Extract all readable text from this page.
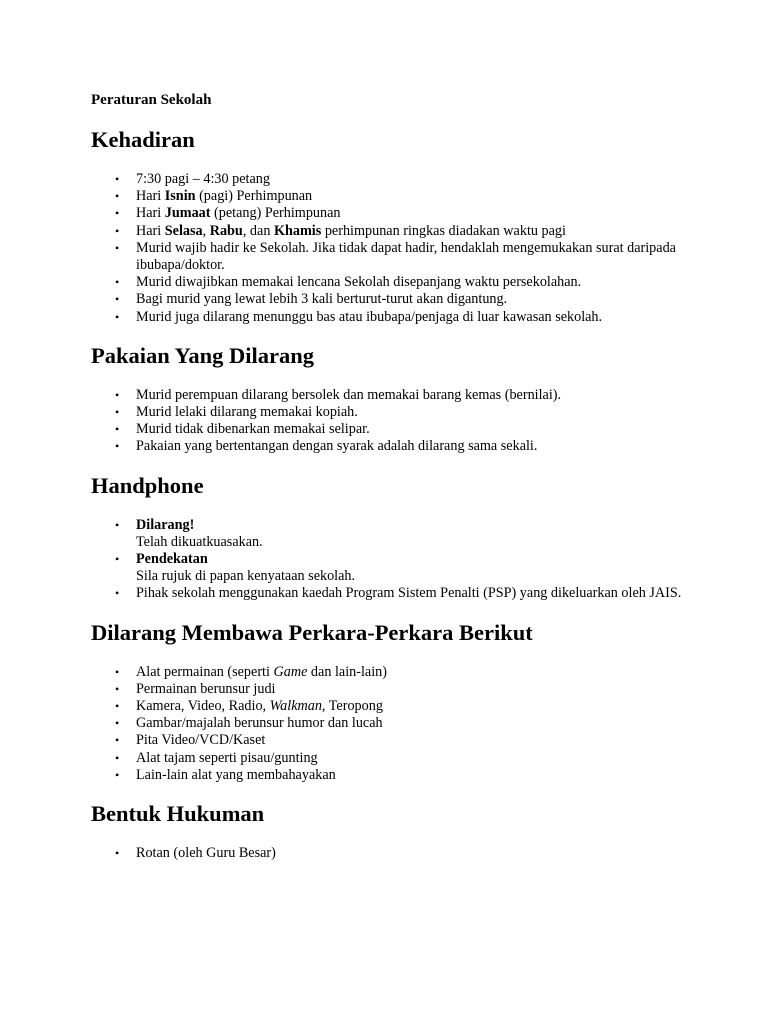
Peraturan Sekolah

Kehadiran
• 7:30 pagi – 4:30 petang
• Hari Isnin (pagi) Perhimpunan
• Hari Jumaat (petang) Perhimpunan
• Hari Selasa, Rabu, dan Khamis perhimpunan ringkas diadakan waktu pagi
• Murid wajib hadir ke Sekolah. Jika tidak dapat hadir, hendaklah mengemukakan surat daripada ibubapa/doktor.
• Murid diwajibkan memakai lencana Sekolah disepanjang waktu persekolahan.
• Bagi murid yang lewat lebih 3 kali berturut-turut akan digantung.
• Murid juga dilarang menunggu bas atau ibubapa/penjaga di luar kawasan sekolah.
Pakaian Yang Dilarang
• Murid perempuan dilarang bersolek dan memakai barang kemas (bernilai).
• Murid lelaki dilarang memakai kopiah.
• Murid tidak dibenarkan memakai selipar.
• Pakaian yang bertentangan dengan syarak adalah dilarang sama sekali.
Handphone
• Dilarang!
Telah dikuatkuasakan.
• Pendekatan
Sila rujuk di papan kenyataan sekolah.
• Pihak sekolah menggunakan kaedah Program Sistem Penalti (PSP) yang dikeluarkan oleh JAIS.
Dilarang Membawa Perkara-Perkara Berikut
• Alat permainan (seperti Game dan lain-lain)
• Permainan berunsur judi
• Kamera, Video, Radio, Walkman, Teropong
• Gambar/majalah berunsur humor dan lucah
• Pita Video/VCD/Kaset
• Alat tajam seperti pisau/gunting
• Lain-lain alat yang membahayakan
Bentuk Hukuman
• Rotan (oleh Guru Besar)
